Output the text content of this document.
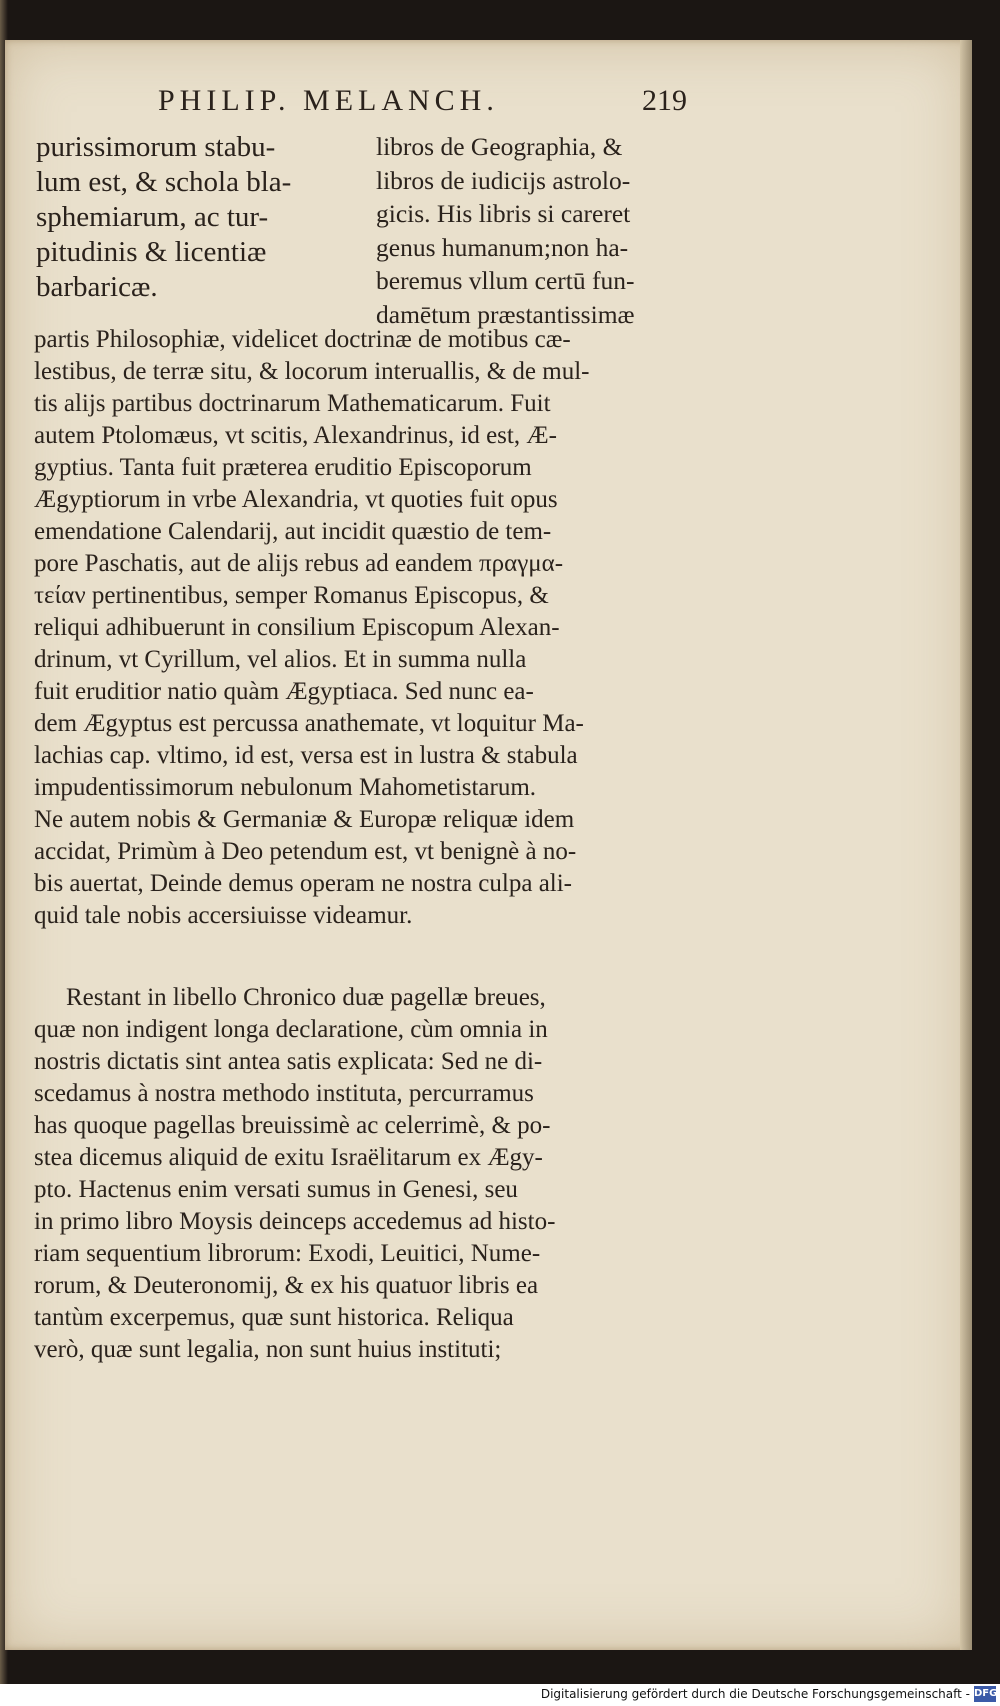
PHILIP. MELANCH.	219
purissimorum stabu-
lum est, & schola bla-
sphemiarum, ac tur-
pitudinis & licentiæ
barbaricæ.
libros de Geographia, &
libros de iudicijs astrolo-
gicis. His libris si careret
genus humanum;non ha-
beremus vllum certū fun-
damētum præstantissimæ
partis Philosophiæ, videlicet doctrinæ de motibus cæ-
lestibus, de terræ situ, & locorum interuallis, & de mul-
tis alijs partibus doctrinarum Mathematicarum. Fuit
autem Ptolomæus, vt scitis, Alexandrinus, id est, Æ-
gyptius. Tanta fuit præterea eruditio Episcoporum
Ægyptiorum in vrbe Alexandria, vt quoties fuit opus
emendatione Calendarij, aut incidit quæstio de tem-
pore Paschatis, aut de alijs rebus ad eandem πραγμα-
τείαν pertinentibus, semper Romanus Episcopus, &
reliqui adhibuerunt in consilium Episcopum Alexan-
drinum, vt Cyrillum, vel alios. Et in summa nulla
fuit eruditior natio quàm Ægyptiaca. Sed nunc ea-
dem Ægyptus est percussa anathemate, vt loquitur Ma-
lachias cap. vltimo, id est, versa est in lustra & stabula
impudentissimorum nebulonum Mahometistarum.
Ne autem nobis & Germaniæ & Europæ reliquæ idem
accidat, Primùm à Deo petendum est, vt benignè à no-
bis auertat, Deinde demus operam ne nostra culpa ali-
quid tale nobis accersiuisse videamur.
Restant in libello Chronico duæ pagellæ breues,
quæ non indigent longa declaratione, cùm omnia in
nostris dictatis sint antea satis explicata: Sed ne di-
scedamus à nostra methodo instituta, percurramus
has quoque pagellas breuissimè ac celerrimè, & po-
stea dicemus aliquid de exitu Israëlitarum ex Ægy-
pto. Hactenus enim versati sumus in Genesi, seu
in primo libro Moysis deinceps accedemus ad histo-
riam sequentium librorum: Exodi, Leuitici, Nume-
rorum, & Deuteronomij, & ex his quatuor libris ea
tantùm excerpemus, quæ sunt historica. Reliqua
verò, quæ sunt legalia, non sunt huius instituti;
Digitalisierung gefördert durch die Deutsche Forschungsgemeinschaft - DFG
